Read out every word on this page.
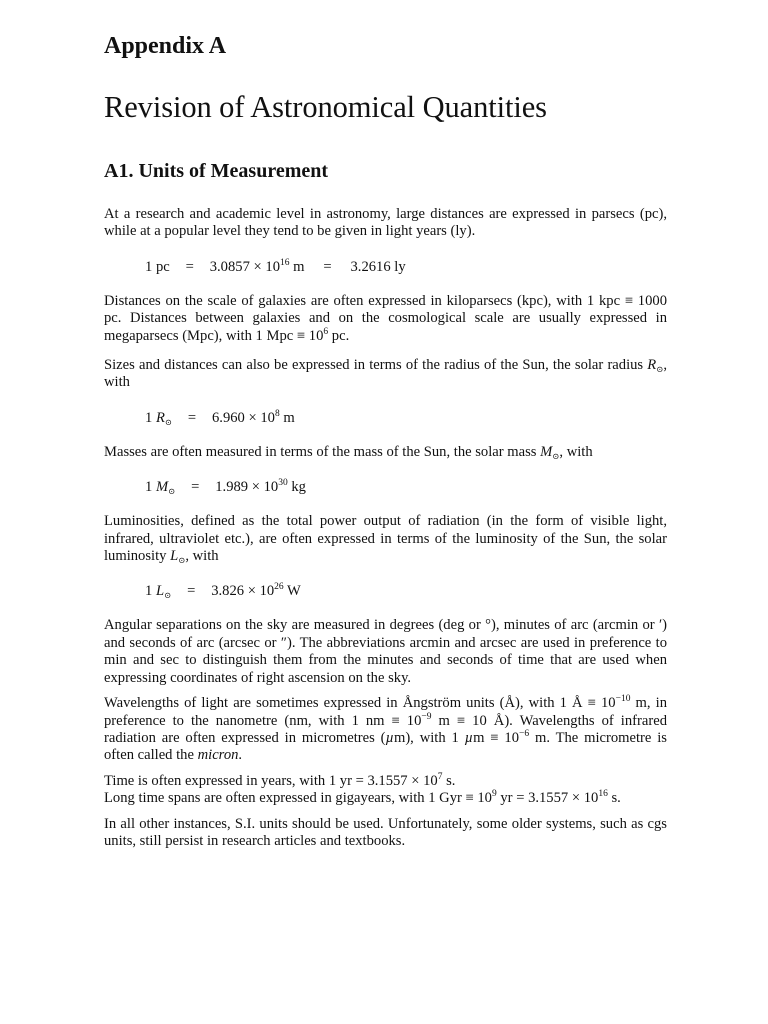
Appendix A
Revision of Astronomical Quantities
A1. Units of Measurement

At a research and academic level in astronomy, large distances are expressed in parsecs (pc), while at a popular level they tend to be given in light years (ly).

1 pc = $3.0857 \times 10^{16}$ m = 3.2616 ly

Distances on the scale of galaxies are often expressed in kiloparsecs (kpc), with 1 kpc ≡ 1000 pc. Distances between galaxies and on the cosmological scale are usually expressed in megaparsecs (Mpc), with 1 Mpc ≡ $10^6$ pc.

Sizes and distances can also be expressed in terms of the radius of the Sun, the solar radius $R_⊙$, with

1 $R_⊙ = 6.960 \times 10^8$ m

Masses are often measured in terms of the mass of the Sun, the solar mass $M_⊙$, with

1 $M_⊙ = 1.989 \times 10^{30}$ kg

Luminosities, defined as the total power output of radiation (in the form of visible light, infrared, ultraviolet etc.), are often expressed in terms of the luminosity of the Sun, the solar luminosity $L_⊙$, with

1 $L_⊙ = 3.826 \times 10^{26}$ W

Angular separations on the sky are measured in degrees (deg or °), minutes of arc (arcmin or ′) and seconds of arc (arcsec or ″). The abbreviations arcmin and arcsec are used in preference to min and sec to distinguish them from the minutes and seconds of time that are used when expressing coordinates of right ascension on the sky.

Wavelengths of light are sometimes expressed in Ångström units (Å), with 1 Å ≡ $10^{-10}$ m, in preference to the nanometre (nm, with 1 nm ≡ $10^{-9}$ m ≡ 10 Å). Wavelengths of infrared radiation are often expressed in micrometres (µm), with 1 $\mu m \equiv 10^{-6}$ m. The micrometre is often called the micron.

Time is often expressed in years, with 1 yr = $3.1557 \times 10^7$ s.
Long time spans are often expressed in gigayears, with 1 Gyr ≡ $10^9$ yr = $3.1557 \times 10^{16}$ s.

In all other instances, S.I. units should be used. Unfortunately, some older systems, such as cgs units, still persist in research articles and textbooks.
